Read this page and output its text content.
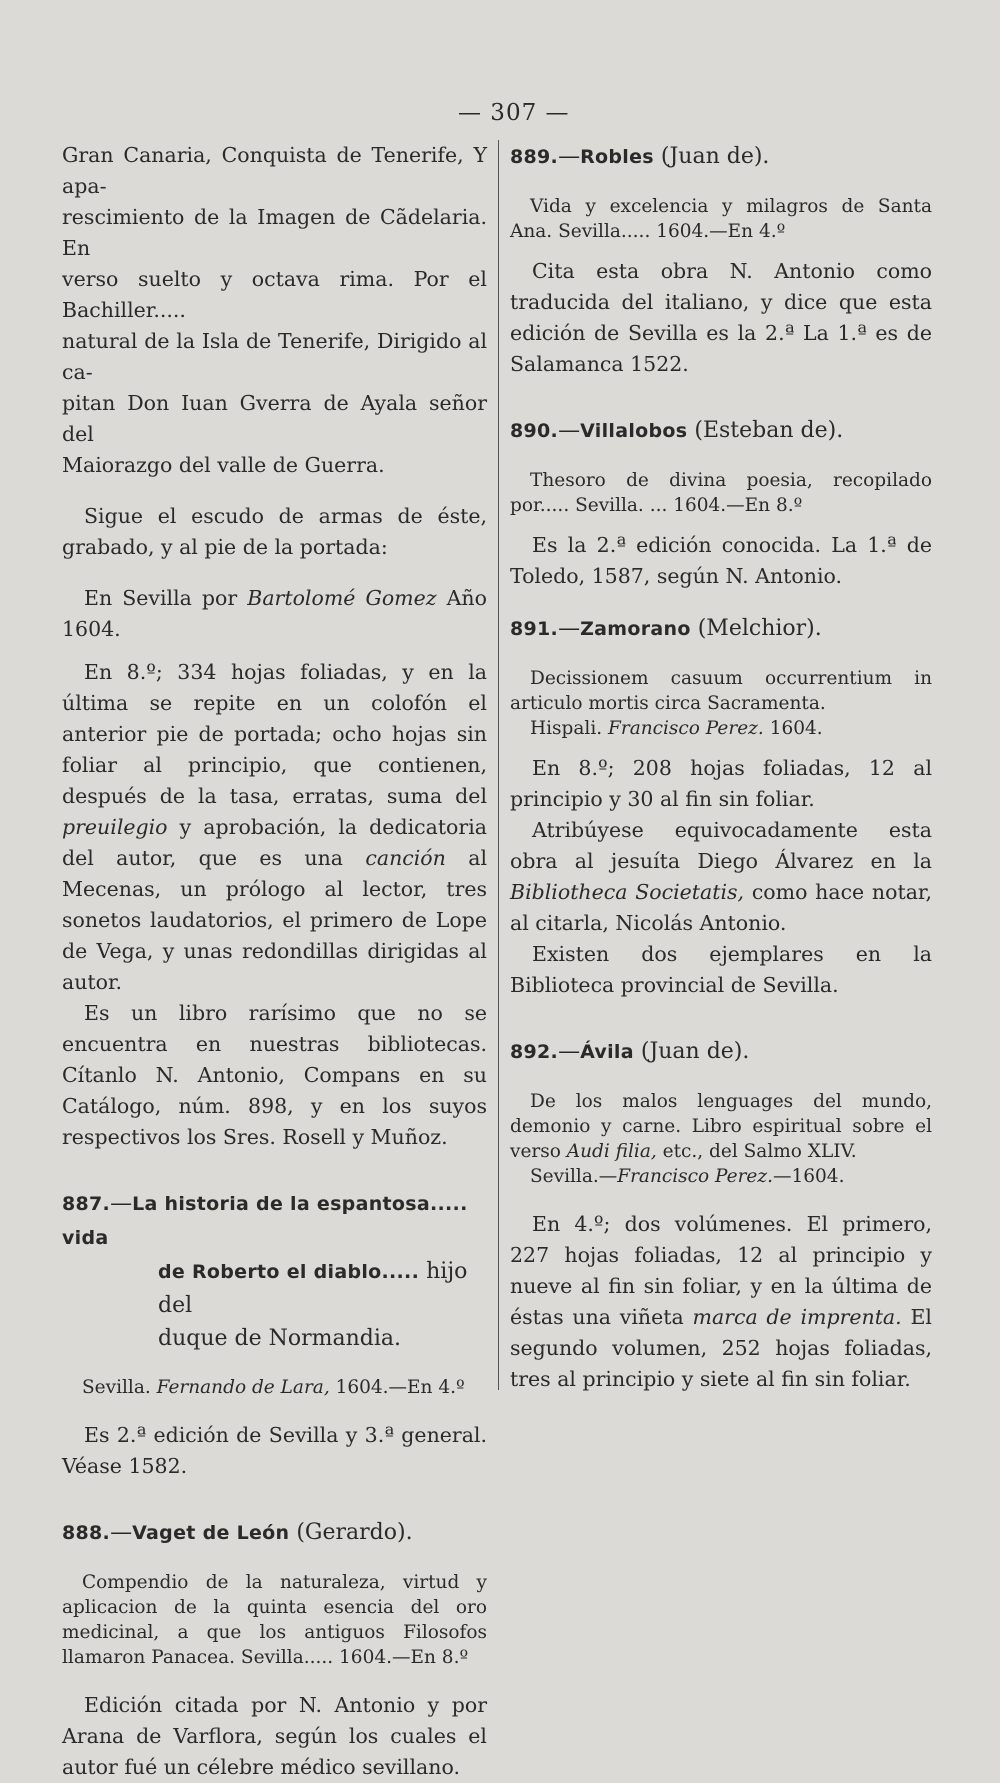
— 307 —
Gran Canaria, Conquista de Tenerife, Y apa-
rescimiento de la Imagen de Cãdelaria. En
verso suelto y octava rima. Por el Bachiller.....
natural de la Isla de Tenerife, Dirigido al ca-
pitan Don Iuan Gverra de Ayala señor del
Maiorazgo del valle de Guerra.

Sigue el escudo de armas de éste, grabado, y al pie de la portada:

En Sevilla por Bartolomé Gomez Año 1604.

En 8.º; 334 hojas foliadas, y en la última se repite en un colofón el anterior pie de portada; ocho hojas sin foliar al principio, que contienen, después de la tasa, erratas, suma del preuilegio y aprobación, la dedicatoria del autor, que es una canción al Mecenas, un prólogo al lector, tres sonetos laudatorios, el primero de Lope de Vega, y unas redondillas dirigidas al autor.

Es un libro rarísimo que no se encuentra en nuestras bibliotecas. Cítanlo N. Antonio, Compans en su Catálogo, núm. 898, y en los suyos respectivos los Sres. Rosell y Muñoz.

887.—La historia de la espantosa..... vida
de Roberto el diablo..... hijo del
duque de Normandia.

Sevilla. Fernando de Lara, 1604.—En 4.º

Es 2.ª edición de Sevilla y 3.ª general. Véase 1582.

888.—Vaget de León (Gerardo).

Compendio de la naturaleza, virtud y aplicacion de la quinta esencia del oro medicinal, a que los antiguos Filosofos llamaron Panacea. Sevilla..... 1604.—En 8.º

Edición citada por N. Antonio y por Arana de Varflora, según los cuales el autor fué un célebre médico sevillano.

889.—Robles (Juan de).

Vida y excelencia y milagros de Santa Ana. Sevilla..... 1604.—En 4.º

Cita esta obra N. Antonio como traducida del italiano, y dice que esta edición de Sevilla es la 2.ª La 1.ª es de Salamanca 1522.

890.—Villalobos (Esteban de).

Thesoro de divina poesia, recopilado por..... Sevilla. ... 1604.—En 8.º

Es la 2.ª edición conocida. La 1.ª de Toledo, 1587, según N. Antonio.

891.—Zamorano (Melchior).

Decissionem casuum occurrentium in articulo mortis circa Sacramenta.

Hispali. Francisco Perez. 1604.

En 8.º; 208 hojas foliadas, 12 al principio y 30 al fin sin foliar.

Atribúyese equivocadamente esta obra al jesuíta Diego Álvarez en la Bibliotheca Societatis, como hace notar, al citarla, Nicolás Antonio.

Existen dos ejemplares en la Biblioteca provincial de Sevilla.

892.—Ávila (Juan de).

De los malos lenguages del mundo, demonio y carne. Libro espiritual sobre el verso Audi filia, etc., del Salmo XLIV.

Sevilla.—Francisco Perez.—1604.

En 4.º; dos volúmenes. El primero, 227 hojas foliadas, 12 al principio y nueve al fin sin foliar, y en la última de éstas una viñeta marca de imprenta. El segundo volumen, 252 hojas foliadas, tres al principio y siete al fin sin foliar.
